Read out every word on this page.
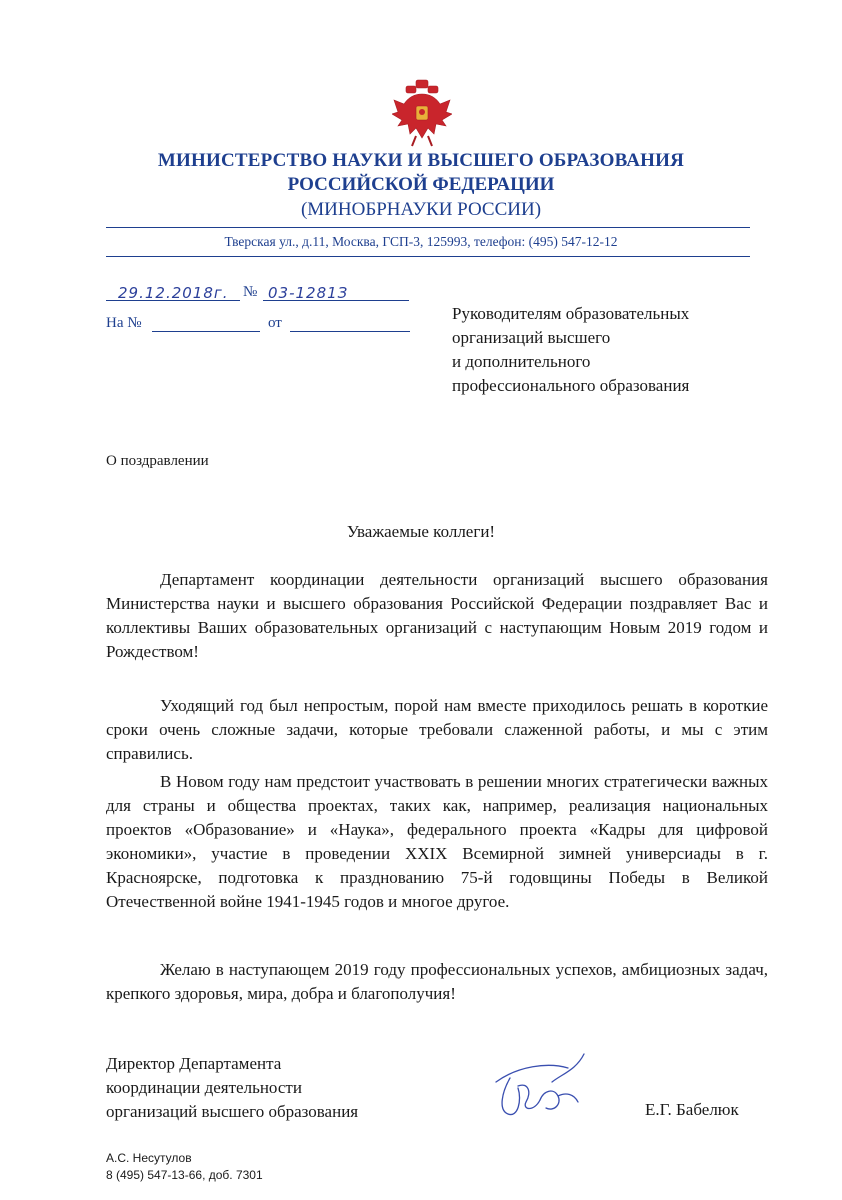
МИНИСТЕРСТВО НАУКИ И ВЫСШЕГО ОБРАЗОВАНИЯ
РОССИЙСКОЙ ФЕДЕРАЦИИ
(МИНОБРНАУКИ РОССИИ)
Тверская ул., д.11, Москва, ГСП-3, 125993, телефон: (495) 547-12-12
29.12.2018г. № 03-1281З
На №	от	Руководителям образовательных
организаций высшего
и дополнительного
профессионального образования
О поздравлении
Уважаемые коллеги!
Департамент координации деятельности организаций высшего образования Министерства науки и высшего образования Российской Федерации поздравляет Вас и коллективы Ваших образовательных организаций с наступающим Новым 2019 годом и Рождеством!
Уходящий год был непростым, порой нам вместе приходилось решать в короткие сроки очень сложные задачи, которые требовали слаженной работы, и мы с этим справились.
В Новом году нам предстоит участвовать в решении многих стратегически важных для страны и общества проектах, таких как, например, реализация национальных проектов «Образование» и «Наука», федерального проекта «Кадры для цифровой экономики», участие в проведении XXIX Всемирной зимней универсиады в г. Красноярске, подготовка к празднованию 75-й годовщины Победы в Великой Отечественной войне 1941-1945 годов и многое другое.
Желаю в наступающем 2019 году профессиональных успехов, амбициозных задач, крепкого здоровья, мира, добра и благополучия!
Директор Департамента
координации деятельности
организаций высшего образования	Е.Г. Бабелюк
А.С. Несутулов
8 (495) 547-13-66, доб. 7301
